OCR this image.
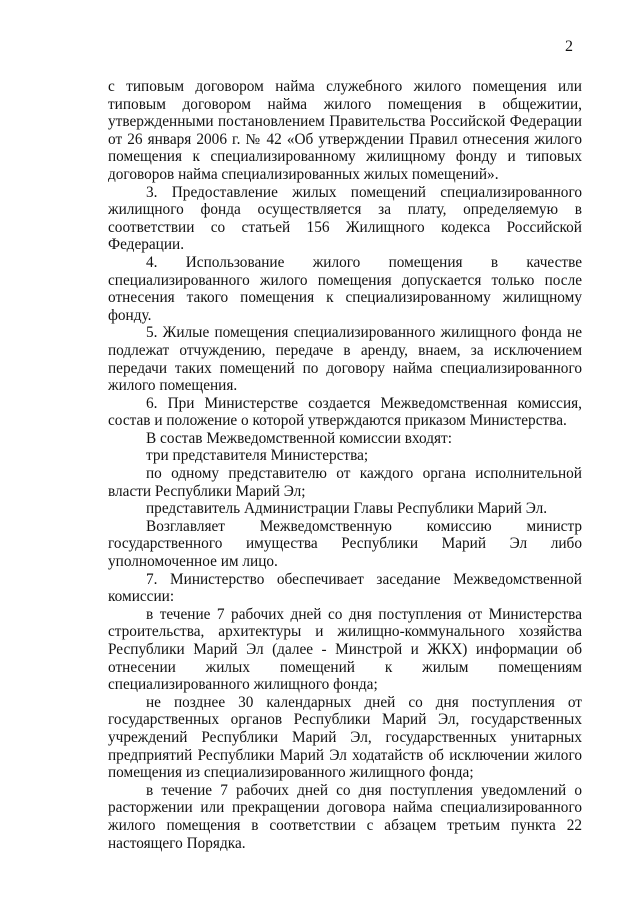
2

с типовым договором найма служебного жилого помещения или типовым договором найма жилого помещения в общежитии, утвержденными постановлением Правительства Российской Федерации от 26 января 2006 г. № 42 «Об утверждении Правил отнесения жилого помещения к специализированному жилищному фонду и типовых договоров найма специализированных жилых помещений».

3. Предоставление жилых помещений специализированного жилищного фонда осуществляется за плату, определяемую в соответствии со статьей 156 Жилищного кодекса Российской Федерации.

4. Использование жилого помещения в качестве специализированного жилого помещения допускается только после отнесения такого помещения к специализированному жилищному фонду.

5. Жилые помещения специализированного жилищного фонда не подлежат отчуждению, передаче в аренду, внаем, за исключением передачи таких помещений по договору найма специализированного жилого помещения.

6. При Министерстве создается Межведомственная комиссия, состав и положение о которой утверждаются приказом Министерства.

В состав Межведомственной комиссии входят:

три представителя Министерства;

по одному представителю от каждого органа исполнительной власти Республики Марий Эл;

представитель Администрации Главы Республики Марий Эл.

Возглавляет Межведомственную комиссию министр государственного имущества Республики Марий Эл либо уполномоченное им лицо.

7. Министерство обеспечивает заседание Межведомственной комиссии:

в течение 7 рабочих дней со дня поступления от Министерства строительства, архитектуры и жилищно-коммунального хозяйства Республики Марий Эл (далее - Минстрой и ЖКХ) информации об отнесении жилых помещений к жилым помещениям специализированного жилищного фонда;

не позднее 30 календарных дней со дня поступления от государственных органов Республики Марий Эл, государственных учреждений Республики Марий Эл, государственных унитарных предприятий Республики Марий Эл ходатайств об исключении жилого помещения из специализированного жилищного фонда;

в течение 7 рабочих дней со дня поступления уведомлений о расторжении или прекращении договора найма специализированного жилого помещения в соответствии с абзацем третьим пункта 22 настоящего Порядка.
